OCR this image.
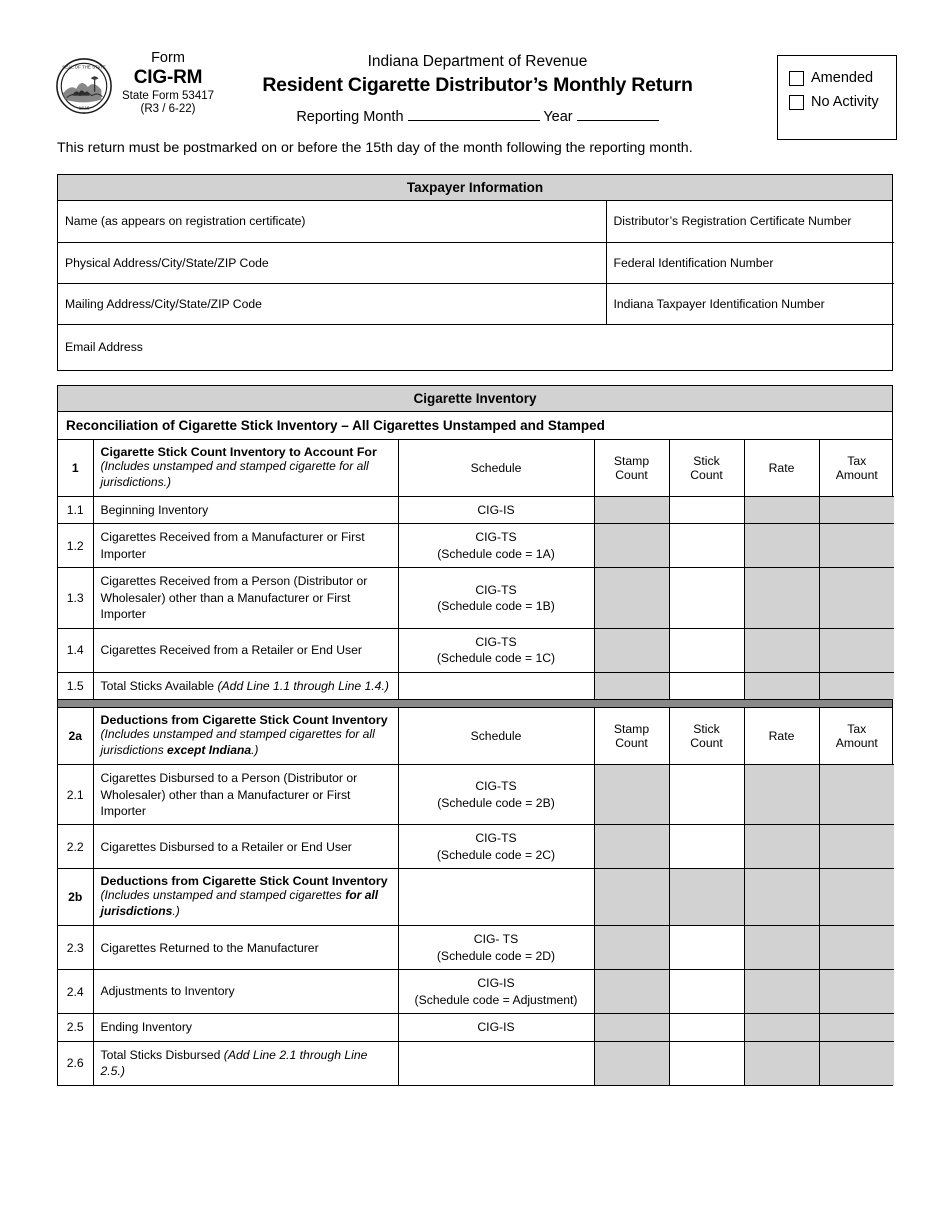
SEAL OF THE STATE
1816
Form
CIG-RM
State Form 53417
(R3 / 6-22)
Indiana Department of Revenue
Resident Cigarette Distributor’s Monthly Return
Reporting Month	Year
Amended
No Activity
This return must be postmarked on or before the 15th day of the month following the reporting month.
Taxpayer Information
Name (as appears on registration certificate)	Distributor’s Registration Certificate Number
Physical Address/City/State/ZIP Code	Federal Identification Number
Mailing Address/City/State/ZIP Code	Indiana Taxpayer Identification Number
Email Address	
Cigarette Inventory
Reconciliation of Cigarette Stick Inventory – All Cigarettes Unstamped and Stamped
1	Cigarette Stick Count Inventory to Account For
(Includes unstamped and stamped cigarette for all jurisdictions.)	Schedule	Stamp Count	Stick Count	Rate	Tax Amount
1.1	Beginning Inventory	CIG-IS				
1.2	Cigarettes Received from a Manufacturer or First Importer	CIG-TS
(Schedule code = 1A)				
1.3	Cigarettes Received from a Person (Distributor or Wholesaler) other than a Manufacturer or First Importer	CIG-TS
(Schedule code = 1B)				
1.4	Cigarettes Received from a Retailer or End User	CIG-TS
(Schedule code = 1C)				
1.5	Total Sticks Available (Add Line 1.1 through Line 1.4.)					
2a	Deductions from Cigarette Stick Count Inventory
(Includes unstamped and stamped cigarettes for all jurisdictions except Indiana.)	Schedule	Stamp Count	Stick Count	Rate	Tax Amount
2.1	Cigarettes Disbursed to a Person (Distributor or Wholesaler) other than a Manufacturer or First Importer	CIG-TS
(Schedule code = 2B)				
2.2	Cigarettes Disbursed to a Retailer or End User	CIG-TS
(Schedule code = 2C)				
2b	Deductions from Cigarette Stick Count Inventory
(Includes unstamped and stamped cigarettes for all jurisdictions.)					

2.3	Cigarettes Returned to the Manufacturer	CIG- TS
(Schedule code = 2D)				
2.4	Adjustments to Inventory	CIG-IS
(Schedule code = Adjustment)				
2.5	Ending Inventory	CIG-IS				
2.6	Total Sticks Disbursed (Add Line 2.1 through Line 2.5.)					
